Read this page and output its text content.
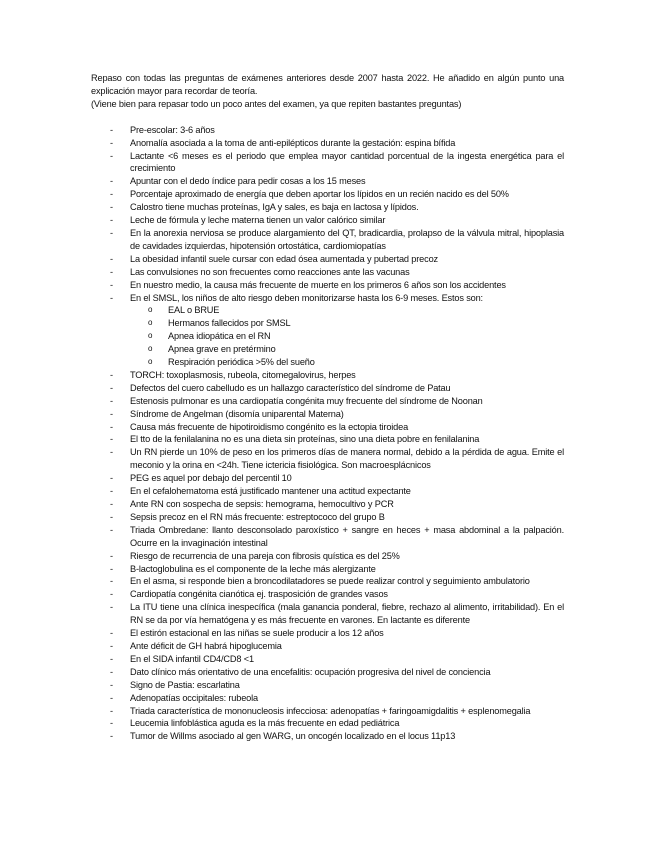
Repaso con todas las preguntas de exámenes anteriores desde 2007 hasta 2022. He añadido en algún punto una explicación mayor para recordar de teoría.

(Viene bien para repasar todo un poco antes del examen, ya que repiten bastantes preguntas)

- Pre-escolar: 3-6 años
- Anomalía asociada a la toma de anti-epilépticos durante la gestación: espina bífida
- Lactante <6 meses es el periodo que emplea mayor cantidad porcentual de la ingesta energética para el crecimiento
- Apuntar con el dedo índice para pedir cosas a los 15 meses
- Porcentaje aproximado de energía que deben aportar los lípidos en un recién nacido es del 50%
- Calostro tiene muchas proteínas, IgA y sales, es baja en lactosa y lípidos.
- Leche de fórmula y leche materna tienen un valor calórico similar
- En la anorexia nerviosa se produce alargamiento del QT, bradicardia, prolapso de la válvula mitral, hipoplasia de cavidades izquierdas, hipotensión ortostática, cardiomiopatías
- La obesidad infantil suele cursar con edad ósea aumentada y pubertad precoz
- Las convulsiones no son frecuentes como reacciones ante las vacunas
- En nuestro medio, la causa más frecuente de muerte en los primeros 6 años son los accidentes
- En el SMSL, los niños de alto riesgo deben monitorizarse hasta los 6-9 meses. Estos son:
o EAL o BRUE
o Hermanos fallecidos por SMSL
o Apnea idiopática en el RN
o Apnea grave en pretérmino
o Respiración periódica >5% del sueño
- TORCH: toxoplasmosis, rubeola, citomegalovirus, herpes
- Defectos del cuero cabelludo es un hallazgo característico del síndrome de Patau
- Estenosis pulmonar es una cardiopatía congénita muy frecuente del síndrome de Noonan
- Síndrome de Angelman (disomía uniparental Materna)
- Causa más frecuente de hipotiroidismo congénito es la ectopia tiroidea
- El tto de la fenilalanina no es una dieta sin proteínas, sino una dieta pobre en fenilalanina
- Un RN pierde un 10% de peso en los primeros días de manera normal, debido a la pérdida de agua. Emite el meconio y la orina en <24h. Tiene ictericia fisiológica. Son macroesplácnicos
- PEG es aquel por debajo del percentil 10
- En el cefalohematoma está justificado mantener una actitud expectante
- Ante RN con sospecha de sepsis: hemograma, hemocultivo y PCR
- Sepsis precoz en el RN más frecuente: estreptococo del grupo B
- Triada Ombredane: llanto desconsolado paroxístico + sangre en heces + masa abdominal a la palpación. Ocurre en la invaginación intestinal
- Riesgo de recurrencia de una pareja con fibrosis quística es del 25%
- B-lactoglobulina es el componente de la leche más alergizante
- En el asma, si responde bien a broncodilatadores se puede realizar control y seguimiento ambulatorio
- Cardiopatía congénita cianótica ej. trasposición de grandes vasos
- La ITU tiene una clínica inespecífica (mala ganancia ponderal, fiebre, rechazo al alimento, irritabilidad). En el RN se da por vía hematógena y es más frecuente en varones. En lactante es diferente
- El estirón estacional en las niñas se suele producir a los 12 años
- Ante déficit de GH habrá hipoglucemia
- En el SIDA infantil CD4/CD8 <1
- Dato clínico más orientativo de una encefalitis: ocupación progresiva del nivel de conciencia
- Signo de Pastia: escarlatina
- Adenopatías occipitales: rubeola
- Triada característica de mononucleosis infecciosa: adenopatías + faringoamigdalitis + esplenomegalia
- Leucemia linfoblástica aguda es la más frecuente en edad pediátrica
- Tumor de Willms asociado al gen WARG, un oncogén localizado en el locus 11p13
